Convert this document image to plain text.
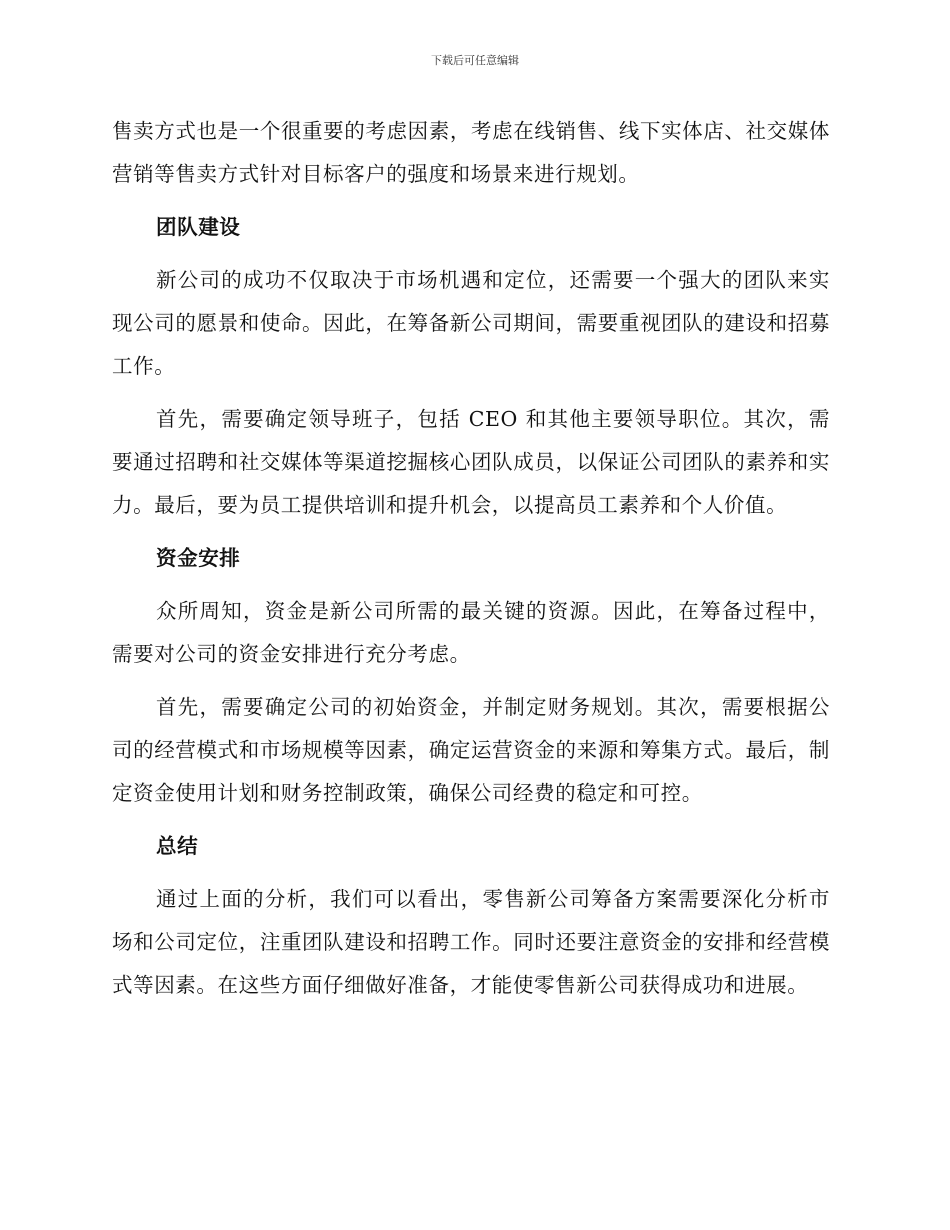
下载后可任意编辑

售卖方式也是一个很重要的考虑因素，考虑在线销售、线下实体店、社交媒体营销等售卖方式针对目标客户的强度和场景来进行规划。

团队建设

新公司的成功不仅取决于市场机遇和定位，还需要一个强大的团队来实现公司的愿景和使命。因此，在筹备新公司期间，需要重视团队的建设和招募工作。

首先，需要确定领导班子，包括 CEO 和其他主要领导职位。其次，需要通过招聘和社交媒体等渠道挖掘核心团队成员，以保证公司团队的素养和实力。最后，要为员工提供培训和提升机会，以提高员工素养和个人价值。

资金安排

众所周知，资金是新公司所需的最关键的资源。因此，在筹备过程中，需要对公司的资金安排进行充分考虑。

首先，需要确定公司的初始资金，并制定财务规划。其次，需要根据公司的经营模式和市场规模等因素，确定运营资金的来源和筹集方式。最后，制定资金使用计划和财务控制政策，确保公司经费的稳定和可控。

总结

通过上面的分析，我们可以看出，零售新公司筹备方案需要深化分析市场和公司定位，注重团队建设和招聘工作。同时还要注意资金的安排和经营模式等因素。在这些方面仔细做好准备，才能使零售新公司获得成功和进展。
